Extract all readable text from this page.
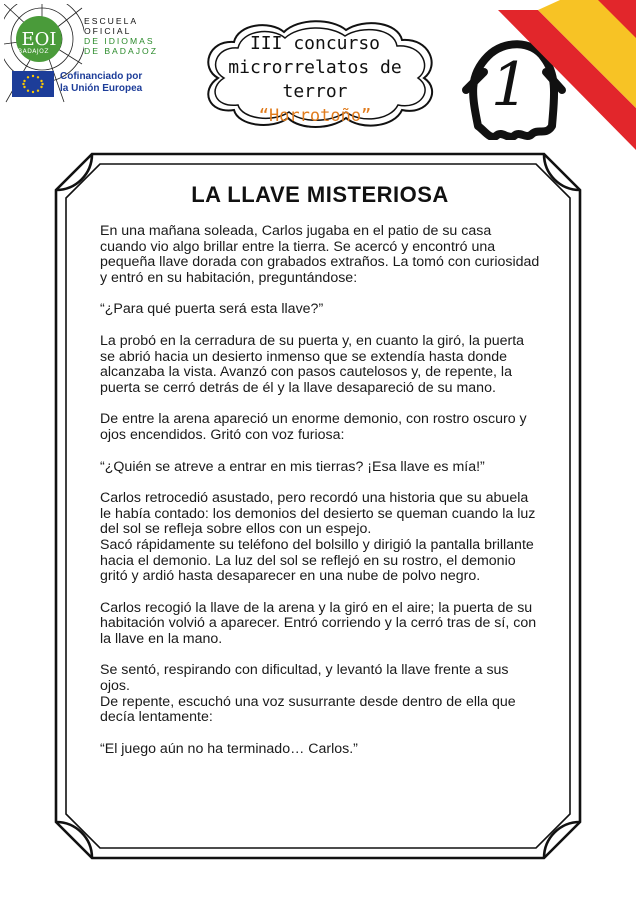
EOI
BADAJOZ
ESCUELA
OFICIAL
DE IDIOMAS
DE BADAJOZ
Cofinanciado por
la Unión Europea
III concurso
microrrelatos de terror
“Horrotoño”	1
LA LLAVE MISTERIOSA

En una mañana soleada, Carlos jugaba en el patio de su casa cuando vio algo brillar entre la tierra. Se acercó y encontró una pequeña llave dorada con grabados extraños. La tomó con curiosidad y entró en su habitación, preguntándose:

“¿Para qué puerta será esta llave?”

La probó en la cerradura de su puerta y, en cuanto la giró, la puerta se abrió hacia un desierto inmenso que se extendía hasta donde alcanzaba la vista. Avanzó con pasos cautelosos y, de repente, la puerta se cerró detrás de él y la llave desapareció de su mano.

De entre la arena apareció un enorme demonio, con rostro oscuro y ojos encendidos. Gritó con voz furiosa:

“¿Quién se atreve a entrar en mis tierras? ¡Esa llave es mía!”

Carlos retrocedió asustado, pero recordó una historia que su abuela le había contado: los demonios del desierto se queman cuando la luz del sol se refleja sobre ellos con un espejo.
Sacó rápidamente su teléfono del bolsillo y dirigió la pantalla brillante hacia el demonio. La luz del sol se reflejó en su rostro, el demonio gritó y ardió hasta desaparecer en una nube de polvo negro.

Carlos recogió la llave de la arena y la giró en el aire; la puerta de su habitación volvió a aparecer. Entró corriendo y la cerró tras de sí, con la llave en la mano.

Se sentó, respirando con dificultad, y levantó la llave frente a sus ojos.
De repente, escuchó una voz susurrante desde dentro de ella que decía lentamente:

“El juego aún no ha terminado… Carlos.”
